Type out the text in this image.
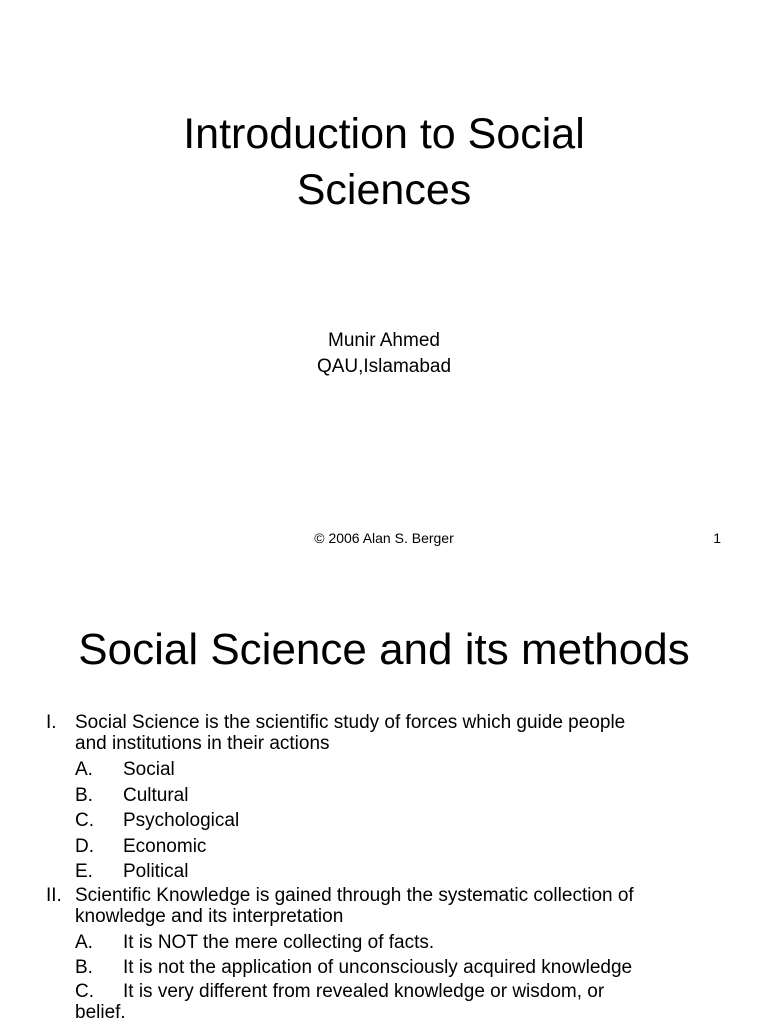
Introduction to Social
Sciences
Munir Ahmed
QAU,Islamabad
© 2006 Alan S. Berger	1
Social Science and its methods
I. Social Science is the scientific study of forces which guide people
and institutions in their actions
A. Social
B. Cultural
C. Psychological
D. Economic
E. Political
II. Scientific Knowledge is gained through the systematic collection of
knowledge and its interpretation
A. It is NOT the mere collecting of facts.
B. It is not the application of unconsciously acquired knowledge
C. It is very different from revealed knowledge or wisdom, or
belief.
